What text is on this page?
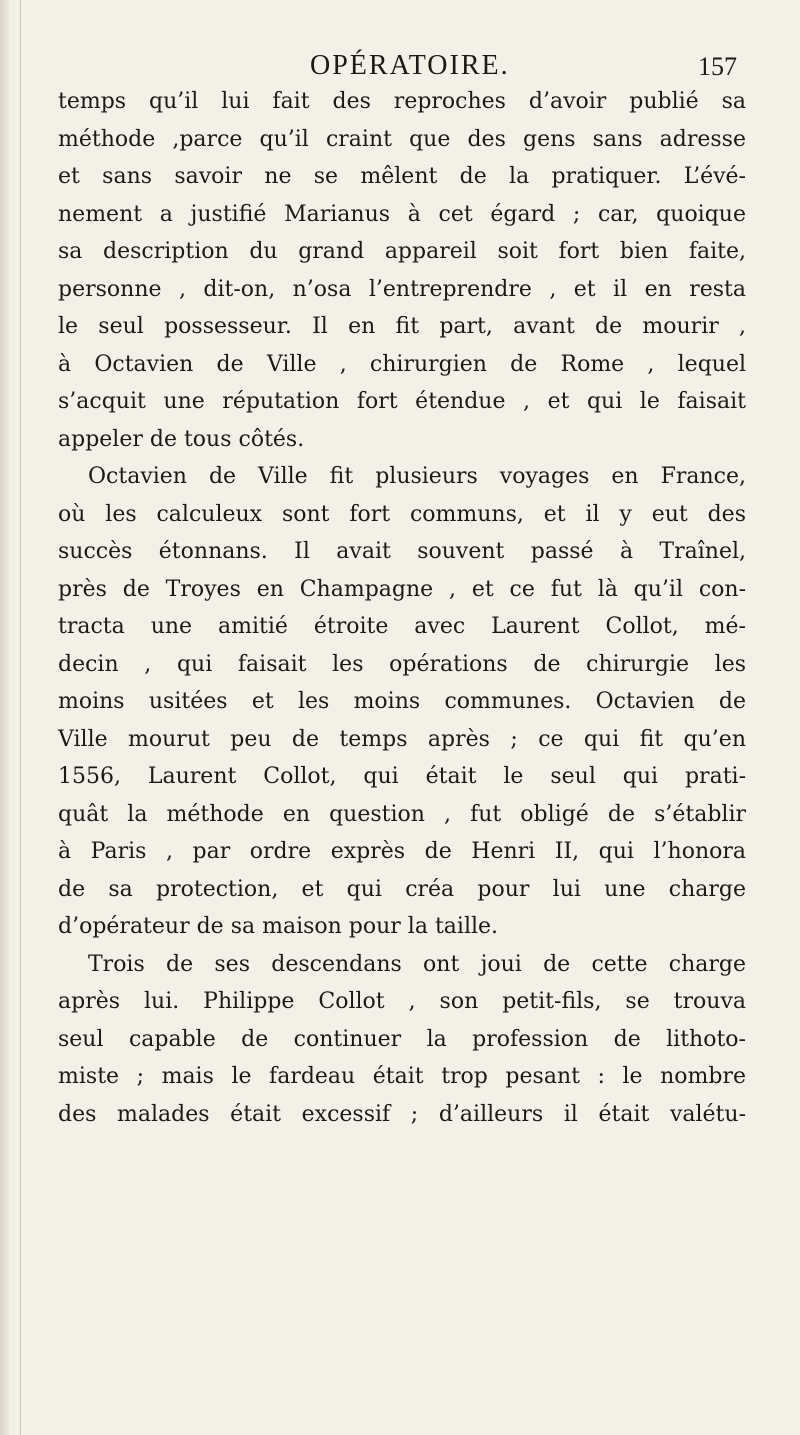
OPÉRATOIRE.	157
temps qu’il lui fait des reproches d’avoir publié sa
méthode ,parce qu’il craint que des gens sans adresse
et sans savoir ne se mêlent de la pratiquer. L’évé-
nement a justifié Marianus à cet égard ; car, quoique
sa description du grand appareil soit fort bien faite,
personne , dit-on, n’osa l’entreprendre , et il en resta
le seul possesseur. Il en fit part, avant de mourir ,
à Octavien de Ville , chirurgien de Rome , lequel
s’acquit une réputation fort étendue , et qui le faisait
appeler de tous côtés.
Octavien de Ville fit plusieurs voyages en France,
où les calculeux sont fort communs, et il y eut des
succès étonnans. Il avait souvent passé à Traînel,
près de Troyes en Champagne , et ce fut là qu’il con-
tracta une amitié étroite avec Laurent Collot, mé-
decin , qui faisait les opérations de chirurgie les
moins usitées et les moins communes. Octavien de
Ville mourut peu de temps après ; ce qui fit qu’en
1556, Laurent Collot, qui était le seul qui prati-
quât la méthode en question , fut obligé de s’établir
à Paris , par ordre exprès de Henri II, qui l’honora
de sa protection, et qui créa pour lui une charge
d’opérateur de sa maison pour la taille.
Trois de ses descendans ont joui de cette charge
après lui. Philippe Collot , son petit-fils, se trouva
seul capable de continuer la profession de lithoto-
miste ; mais le fardeau était trop pesant : le nombre
des malades était excessif ; d’ailleurs il était valétu-
